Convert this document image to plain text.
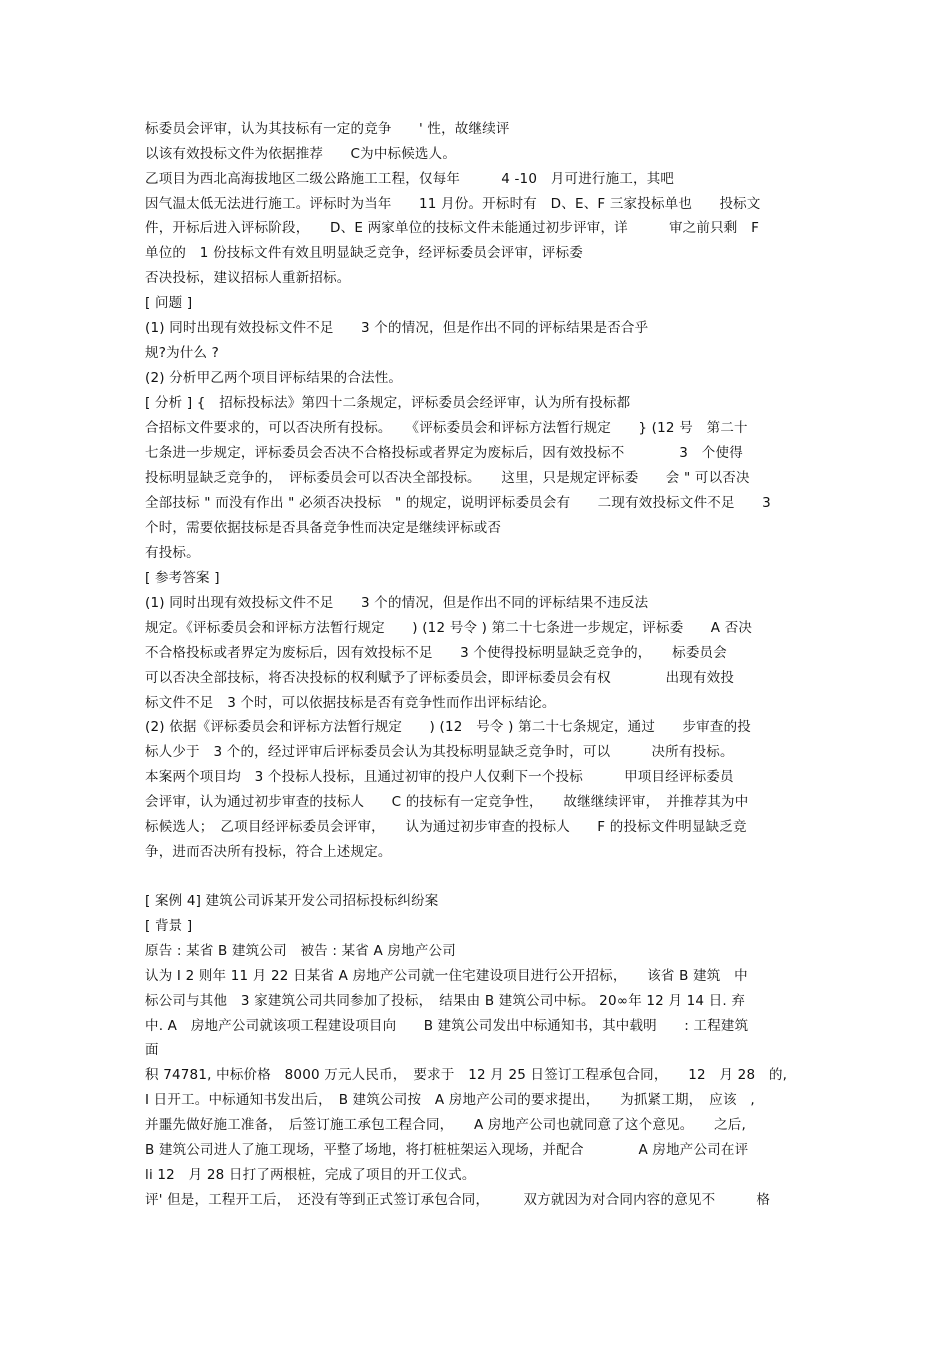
标委员会评审，认为其技标有一定的竞争　　' 性，故继续评
以该有效投标文件为依据推荐　　C为中标候选人。
乙项目为西北高海拔地区二级公路施工工程，仅每年　　　4 -10　月可进行施工，其吧
因气温太低无法进行施工。评标时为当年　　11 月份。开标时有　D、E、F 三家投标单也　　投标文
件，开标后进入评标阶段，　　D、E 两家单位的技标文件未能通过初步评审，详　　　审之前只剩　F
单位的　1 份技标文件有效且明显缺乏竞争，经评标委员会评审，评标委
否决投标，建议招标人重新招标。
[ 问题 ]
(1) 同时出现有效投标文件不足　　3 个的情况，但是作出不同的评标结果是否合乎
规?为什么 ?
(2) 分析甲乙两个项目评标结果的合法性。
[ 分析 ] {　招标投标法》第四十二条规定，评标委员会经评审，认为所有投标都
合招标文件要求的，可以否决所有投标。　　《评标委员会和评标方法暂行规定　　} (12 号　第二十
七条进一步规定，评标委员会否决不合格投标或者界定为废标后，因有效投标不　　　　3　个使得
投标明显缺乏竞争的，　评标委员会可以否决全部投标。　　这里，只是规定评标委　　会 " 可以否决
全部技标 " 而没有作出 " 必须否决投标　" 的规定，说明评标委员会有　　二现有效投标文件不足　　3
个时，需要依据技标是否具备竞争性而决定是继续评标或否
有投标。
[ 参考答案 ]
(1) 同时出现有效投标文件不足　　3 个的情况，但是作出不同的评标结果不违反法
规定。《评标委员会和评标方法暂行规定　　) (12 号令 ) 第二十七条进一步规定，评标委　　A 否决
不合格投标或者界定为废标后，因有效投标不足　　3 个使得投标明显缺乏竞争的，　　标委员会
可以否决全部技标，将否决投标的权利赋予了评标委员会，即评标委员会有权　　　　出现有效投
标文件不足　3 个时，可以依据技标是否有竞争性而作出评标结论。
(2) 依据《评标委员会和评标方法暂行规定　　) (12　号令 ) 第二十七条规定，通过　　步审查的投
标人少于　3 个的，经过评审后评标委员会认为其投标明显缺乏竞争时，可以　　　决所有投标。
本案两个项目均　3 个投标人投标，且通过初审的投户人仅剩下一个投标　　　甲项目经评标委员
会评审，认为通过初步审查的技标人　　C 的技标有一定竞争性，　　故继继续评审，　并推荐其为中
标候选人；　乙项目经评标委员会评审，　　认为通过初步审查的投标人　　F 的投标文件明显缺乏竞
争，进而否决所有投标，符合上述规定。
[ 案例 4] 建筑公司诉某开发公司招标投标纠纷案
[ 背景 ]
原告 : 某省 B 建筑公司　被告 : 某省 A 房地产公司
认为 I 2 则年 11 月 22 日某省 A 房地产公司就一住宅建设项目进行公开招标，　　该省 B 建筑　中
标公司与其他　3 家建筑公司共同参加了投标，　结果由 B 建筑公司中标。 20∞年 12 月 14 日. 弃
中. A　房地产公司就该项工程建设项目向　　B 建筑公司发出中标通知书，其中载明　　: 工程建筑
面
积 74781, 中标价格　8000 万元人民币，　要求于　12 月 25 日签订工程承包合同，　　12　月 28　的,
I 日开工。中标通知书发出后，　B 建筑公司按　A 房地产公司的要求提出，　　为抓紧工期，　应该　,
并噩先做好施工准备，　后签订施工承包工程合同，　　A 房地产公司也就同意了这个意见。　　之后,
B 建筑公司进人了施工现场，平整了场地，将打桩桩架运入现场，并配合　　　　A 房地产公司在评
li 12　月 28 日打了两根桩，完成了项目的开工仪式。
评' 但是，工程开工后，　还没有等到正式签订承包合同，　　　双方就因为对合同内容的意见不　　　格
